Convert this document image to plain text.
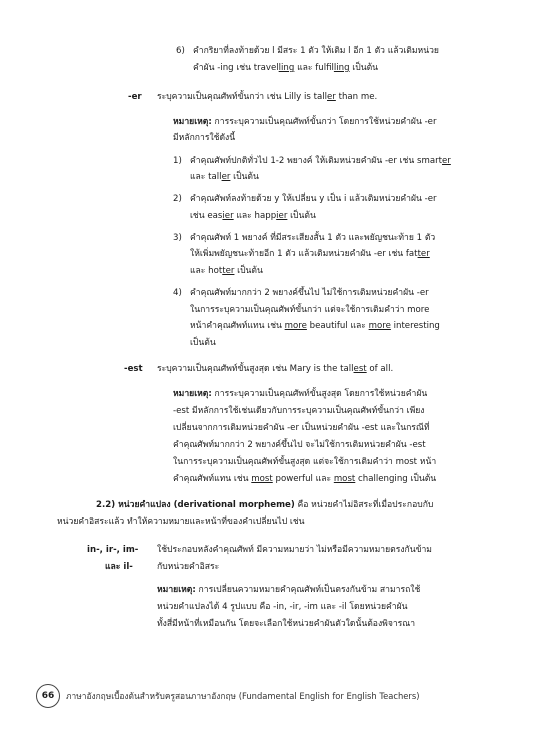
6) คำกริยาที่ลงท้ายด้วย l มีสระ 1 ตัว ให้เติม l อีก 1 ตัว แล้วเติมหน่วย
คำผัน -ing เช่น travelling และ fulfilling เป็นต้น
-er ระบุความเป็นคุณศัพท์ขั้นกว่า เช่น Lilly is taller than me.
หมายเหตุ: การระบุความเป็นคุณศัพท์ขั้นกว่า โดยการใช้หน่วยคำผัน -er
มีหลักการใช้ดังนี้
1) คำคุณศัพท์ปกติทั่วไป 1-2 พยางค์ ให้เติมหน่วยคำผัน -er เช่น smarter
และ taller เป็นต้น
2) คำคุณศัพท์ลงท้ายด้วย y ให้เปลี่ยน y เป็น i แล้วเติมหน่วยคำผัน -er
เช่น easier และ happier เป็นต้น
3) คำคุณศัพท์ 1 พยางค์ ที่มีสระเสียงสั้น 1 ตัว และพยัญชนะท้าย 1 ตัว
ให้เพิ่มพยัญชนะท้ายอีก 1 ตัว แล้วเติมหน่วยคำผัน -er เช่น fatter
และ hotter เป็นต้น
4) คำคุณศัพท์มากกว่า 2 พยางค์ขึ้นไป ไม่ใช้การเติมหน่วยคำผัน -er
ในการระบุความเป็นคุณศัพท์ขั้นกว่า แต่จะใช้การเติมคำว่า more
หน้าคำคุณศัพท์แทน เช่น more beautiful และ more interesting
เป็นต้น
-est ระบุความเป็นคุณศัพท์ขั้นสูงสุด เช่น Mary is the tallest of all.
หมายเหตุ: การระบุความเป็นคุณศัพท์ขั้นสูงสุด โดยการใช้หน่วยคำผัน
-est มีหลักการใช้เช่นเดียวกับการระบุความเป็นคุณศัพท์ขั้นกว่า เพียง
เปลี่ยนจากการเติมหน่วยคำผัน -er เป็นหน่วยคำผัน -est และในกรณีที่
คำคุณศัพท์มากกว่า 2 พยางค์ขึ้นไป จะไม่ใช้การเติมหน่วยคำผัน -est
ในการระบุความเป็นคุณศัพท์ขั้นสูงสุด แต่จะใช้การเติมคำว่า most หน้า
คำคุณศัพท์แทน เช่น most powerful และ most challenging เป็นต้น
2.2) หน่วยคำแปลง (derivational morpheme) คือ หน่วยคำไม่อิสระที่เมื่อประกอบกับ
หน่วยคำอิสระแล้ว ทำให้ความหมายและหน้าที่ของคำเปลี่ยนไป เช่น
in-, ir-, im-
และ il-
ใช้ประกอบหลังคำคุณศัพท์ มีความหมายว่า ไม่หรือมีความหมายตรงกันข้าม
กับหน่วยคำอิสระ
หมายเหตุ: การเปลี่ยนความหมายคำคุณศัพท์เป็นตรงกันข้าม สามารถใช้
หน่วยคำแปลงได้ 4 รูปแบบ คือ -in, -ir, -im และ -il โดยหน่วยคำผัน
ทั้งสี่มีหน้าที่เหมือนกัน โดยจะเลือกใช้หน่วยคำผันตัวใดนั้นต้องพิจารณา
66	ภาษาอังกฤษเบื้องต้นสำหรับครูสอนภาษาอังกฤษ (Fundamental English for English Teachers)
